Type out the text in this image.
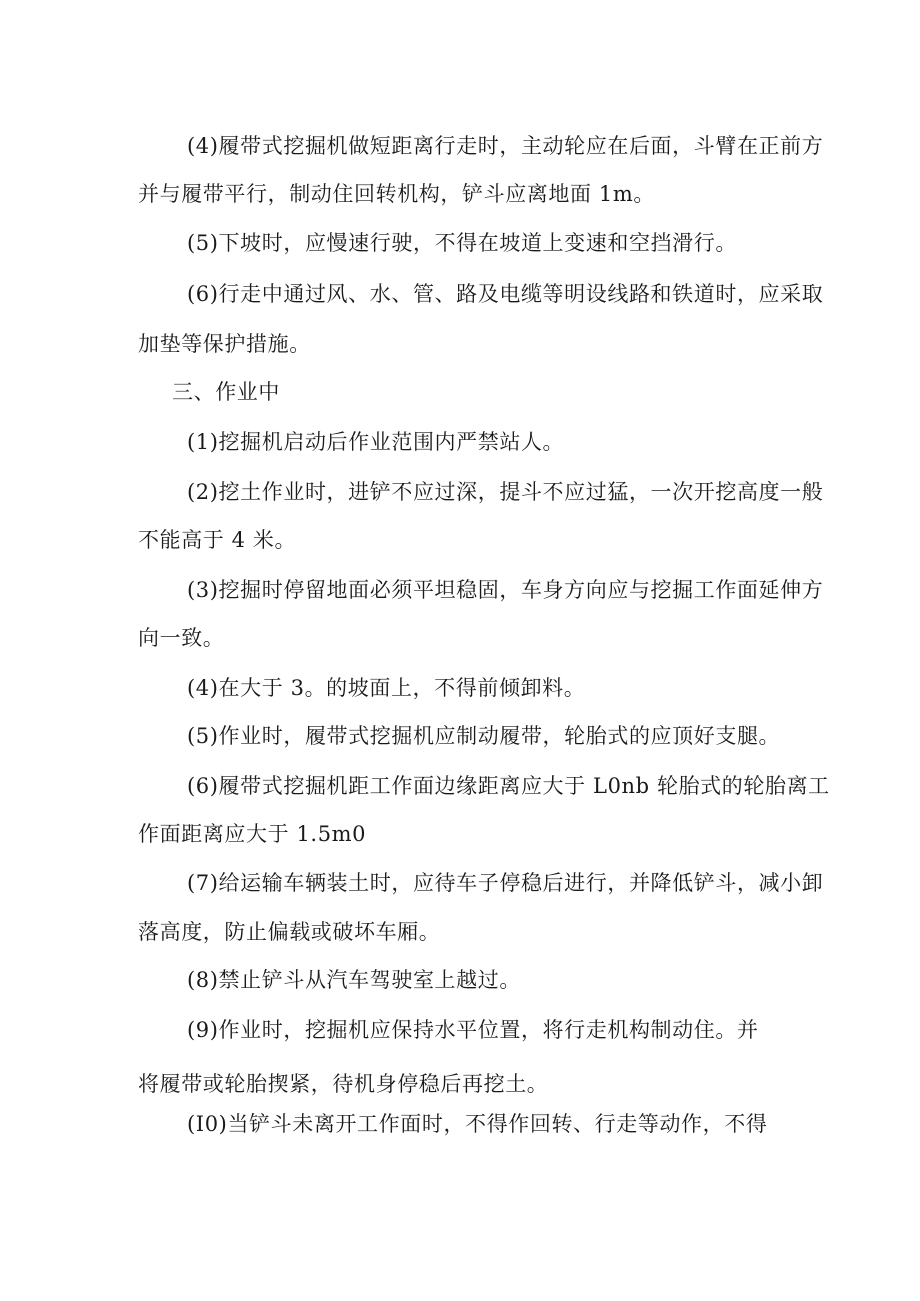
(4)履带式挖掘机做短距离行走时，主动轮应在后面，斗臂在正前方
并与履带平行，制动住回转机构，铲斗应离地面 1m。
(5)下坡时，应慢速行驶，不得在坡道上变速和空挡滑行。
(6)行走中通过风、水、管、路及电缆等明设线路和铁道时，应采取
加垫等保护措施。
三、作业中
(1)挖掘机启动后作业范围内严禁站人。
(2)挖土作业时，进铲不应过深，提斗不应过猛，一次开挖高度一般
不能高于 4 米。
(3)挖掘时停留地面必须平坦稳固，车身方向应与挖掘工作面延伸方
向一致。
(4)在大于 3。的坡面上，不得前倾卸料。
(5)作业时，履带式挖掘机应制动履带，轮胎式的应顶好支腿。
(6)履带式挖掘机距工作面边缘距离应大于 L0nb 轮胎式的轮胎离工
作面距离应大于 1.5m0
(7)给运输车辆装土时，应待车子停稳后进行，并降低铲斗，减小卸
落高度，防止偏载或破坏车厢。
(8)禁止铲斗从汽车驾驶室上越过。
(9)作业时，挖掘机应保持水平位置，将行走机构制动住。并
将履带或轮胎揳紧，待机身停稳后再挖土。
(I0)当铲斗未离开工作面时，不得作回转、行走等动作，不得
